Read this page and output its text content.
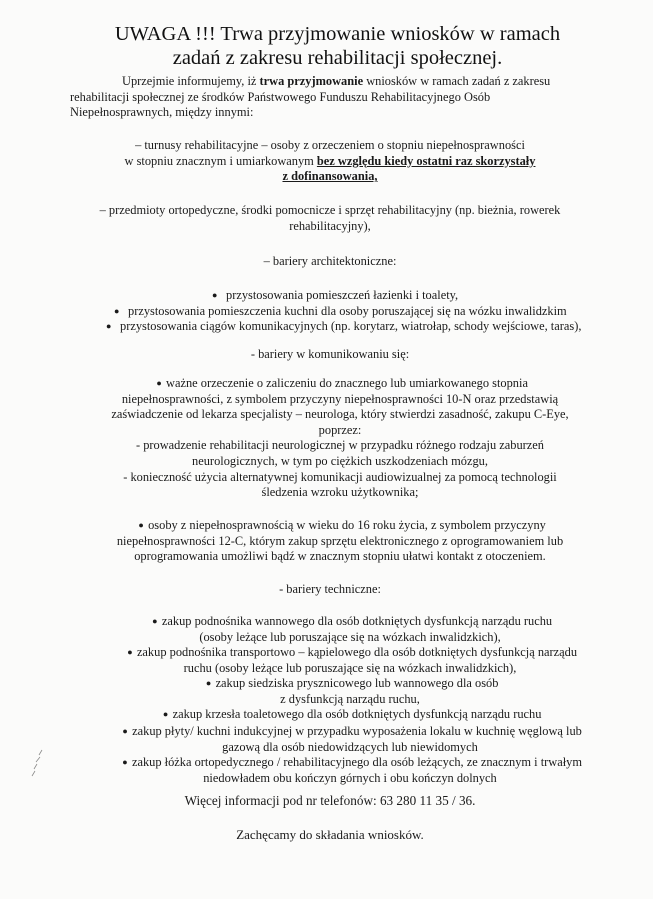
UWAGA !!! Trwa przyjmowanie wniosków w ramach
zadań z zakresu rehabilitacji społecznej.
Uprzejmie informujemy, iż trwa przyjmowanie wniosków w ramach zadań z zakresu
rehabilitacji społecznej ze środków Państwowego Funduszu Rehabilitacyjnego Osób
Niepełnosprawnych, między innymi:
– turnusy rehabilitacyjne – osoby z orzeczeniem o stopniu niepełnosprawności
w stopniu znacznym i umiarkowanym bez względu kiedy ostatni raz skorzystały
z dofinansowania,
– przedmioty ortopedyczne, środki pomocnicze i sprzęt rehabilitacyjny (np. bieżnia, rowerek
rehabilitacyjny),
– bariery architektoniczne:
● przystosowania pomieszczeń łazienki i toalety,
● przystosowania pomieszczenia kuchni dla osoby poruszającej się na wózku inwalidzkim
● przystosowania ciągów komunikacyjnych (np. korytarz, wiatrołap, schody wejściowe, taras),
- bariery w komunikowaniu się:
● ważne orzeczenie o zaliczeniu do znacznego lub umiarkowanego stopnia
niepełnosprawności, z symbolem przyczyny niepełnosprawności 10-N oraz przedstawią
zaświadczenie od lekarza specjalisty – neurologa, który stwierdzi zasadność, zakupu C-Eye,
poprzez:
- prowadzenie rehabilitacji neurologicznej w przypadku różnego rodzaju zaburzeń
neurologicznych, w tym po ciężkich uszkodzeniach mózgu,
- konieczność użycia alternatywnej komunikacji audiowizualnej za pomocą technologii
śledzenia wzroku użytkownika;
● osoby z niepełnosprawnością w wieku do 16 roku życia, z symbolem przyczyny
niepełnosprawności 12-C, którym zakup sprzętu elektronicznego z oprogramowaniem lub
oprogramowania umożliwi bądź w znacznym stopniu ułatwi kontakt z otoczeniem.
- bariery techniczne:
● zakup podnośnika wannowego dla osób dotkniętych dysfunkcją narządu ruchu
(osoby leżące lub poruszające się na wózkach inwalidzkich),
● zakup podnośnika transportowo – kąpielowego dla osób dotkniętych dysfunkcją narządu
ruchu (osoby leżące lub poruszające się na wózkach inwalidzkich),
● zakup siedziska prysznicowego lub wannowego dla osób
z dysfunkcją narządu ruchu,
● zakup krzesła toaletowego dla osób dotkniętych dysfunkcją narządu ruchu
● zakup płyty/ kuchni indukcyjnej w przypadku wyposażenia lokalu w kuchnię węglową lub
gazową dla osób niedowidzących lub niewidomych
● zakup łóżka ortopedycznego / rehabilitacyjnego dla osób leżących, ze znacznym i trwałym
niedowładem obu kończyn górnych i obu kończyn dolnych
Więcej informacji pod nr telefonów: 63 280 11 35 / 36.
Zachęcamy do składania wniosków.
